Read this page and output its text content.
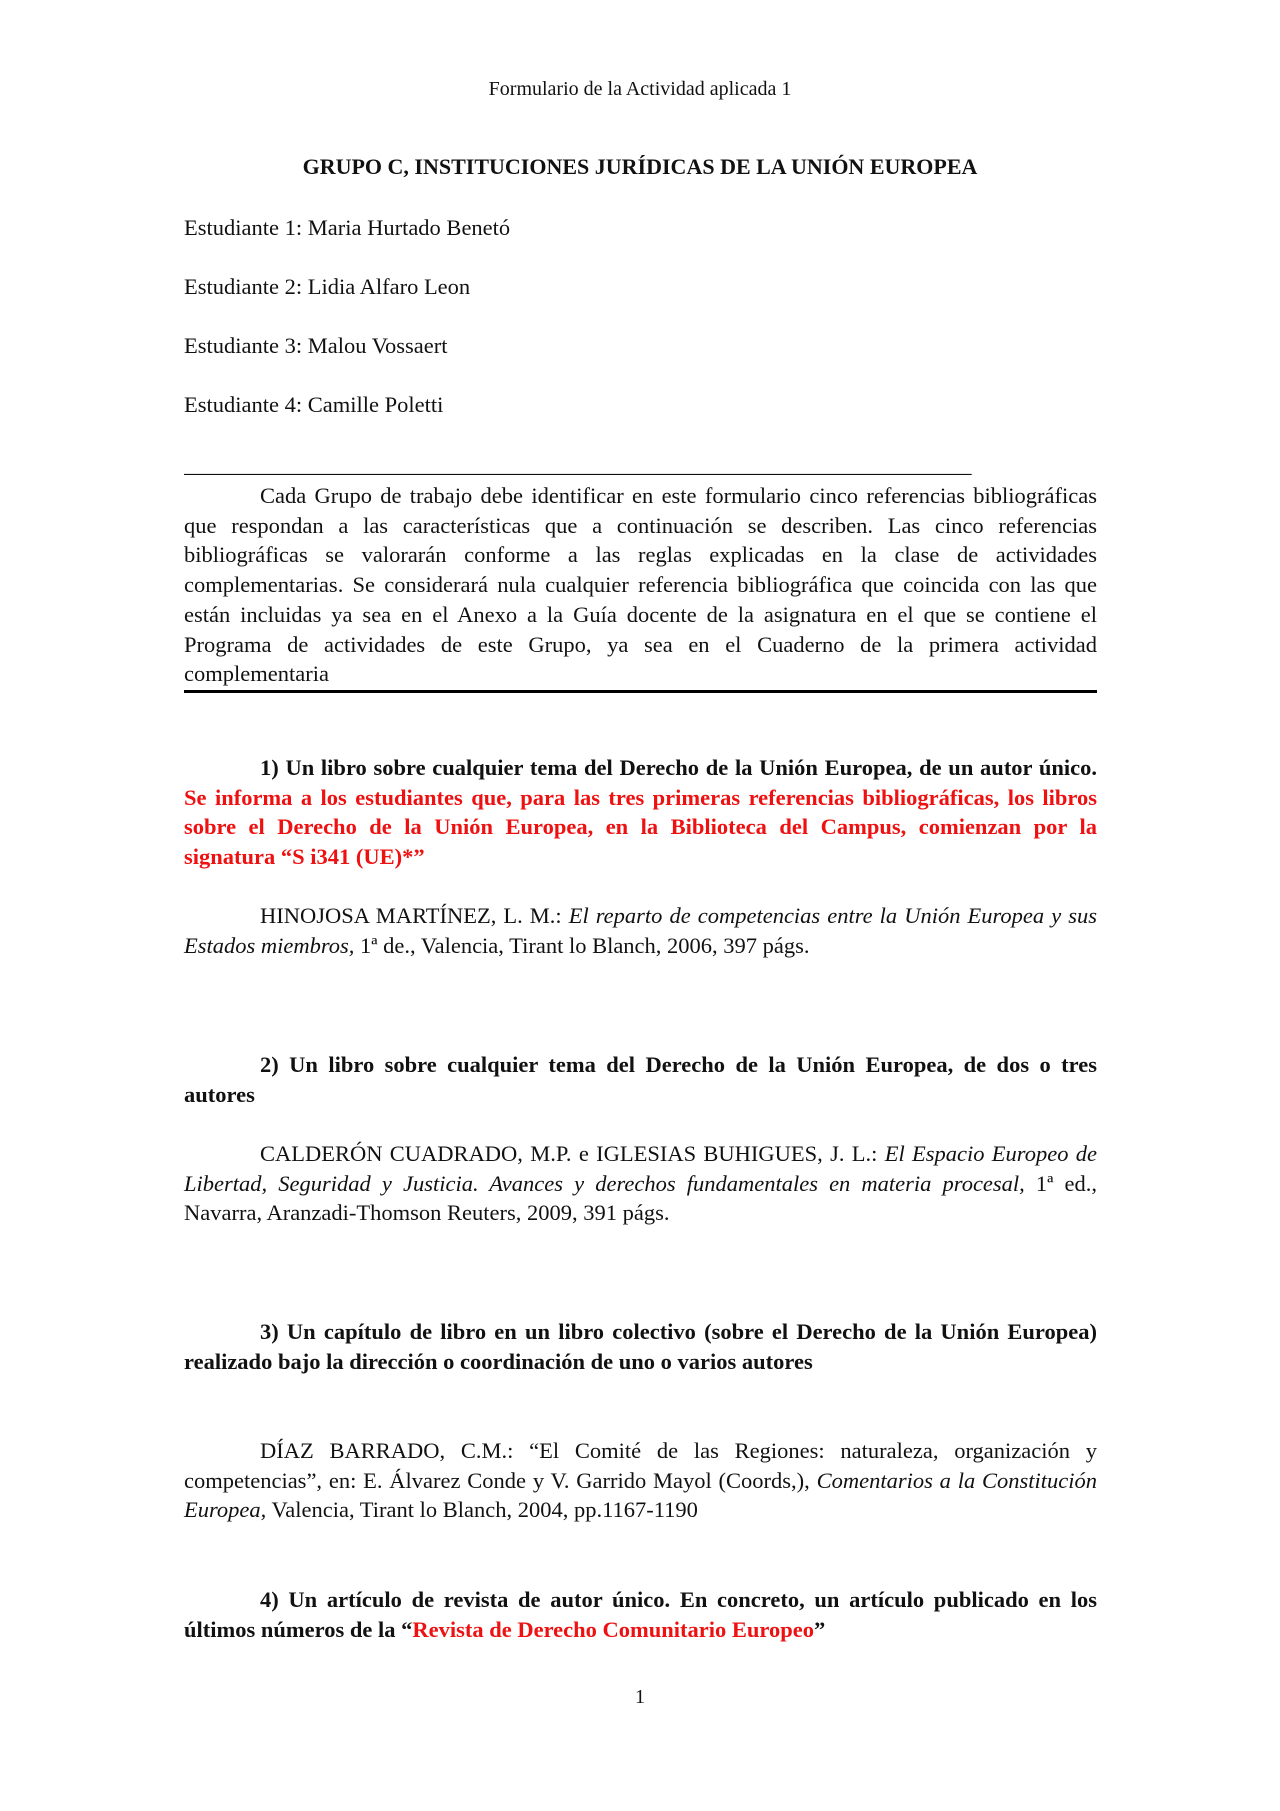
Formulario de la Actividad aplicada 1
GRUPO C, INSTITUCIONES JURÍDICAS DE LA UNIÓN EUROPEA
Estudiante 1: Maria Hurtado Benetó
Estudiante 2: Lidia Alfaro Leon
Estudiante 3: Malou Vossaert
Estudiante 4: Camille Poletti
______________________________________________________________________
Cada Grupo de trabajo debe identificar en este formulario cinco referencias bibliográficas que respondan a las características que a continuación se describen. Las cinco referencias bibliográficas se valorarán conforme a las reglas explicadas en la clase de actividades complementarias. Se considerará nula cualquier referencia bibliográfica que coincida con las que están incluidas ya sea en el Anexo a la Guía docente de la asignatura en el que se contiene el Programa de actividades de este Grupo, ya sea en el Cuaderno de la primera actividad complementaria
1) Un libro sobre cualquier tema del Derecho de la Unión Europea, de un autor único. Se informa a los estudiantes que, para las tres primeras referencias bibliográficas, los libros sobre el Derecho de la Unión Europea, en la Biblioteca del Campus, comienzan por la signatura “S i341 (UE)*”
HINOJOSA MARTÍNEZ, L. M.: El reparto de competencias entre la Unión Europea y sus Estados miembros, 1ª de., Valencia, Tirant lo Blanch, 2006, 397 págs.
2) Un libro sobre cualquier tema del Derecho de la Unión Europea, de dos o tres autores
CALDERÓN CUADRADO, M.P. e IGLESIAS BUHIGUES, J. L.: El Espacio Europeo de Libertad, Seguridad y Justicia. Avances y derechos fundamentales en materia procesal, 1ª ed., Navarra, Aranzadi-Thomson Reuters, 2009, 391 págs.
3) Un capítulo de libro en un libro colectivo (sobre el Derecho de la Unión Europea) realizado bajo la dirección o coordinación de uno o varios autores
DÍAZ BARRADO, C.M.: “El Comité de las Regiones: naturaleza, organización y competencias”, en: E. Álvarez Conde y V. Garrido Mayol (Coords,), Comentarios a la Constitución Europea, Valencia, Tirant lo Blanch, 2004, pp.1167-1190
4) Un artículo de revista de autor único. En concreto, un artículo publicado en los últimos números de la “Revista de Derecho Comunitario Europeo”
1
